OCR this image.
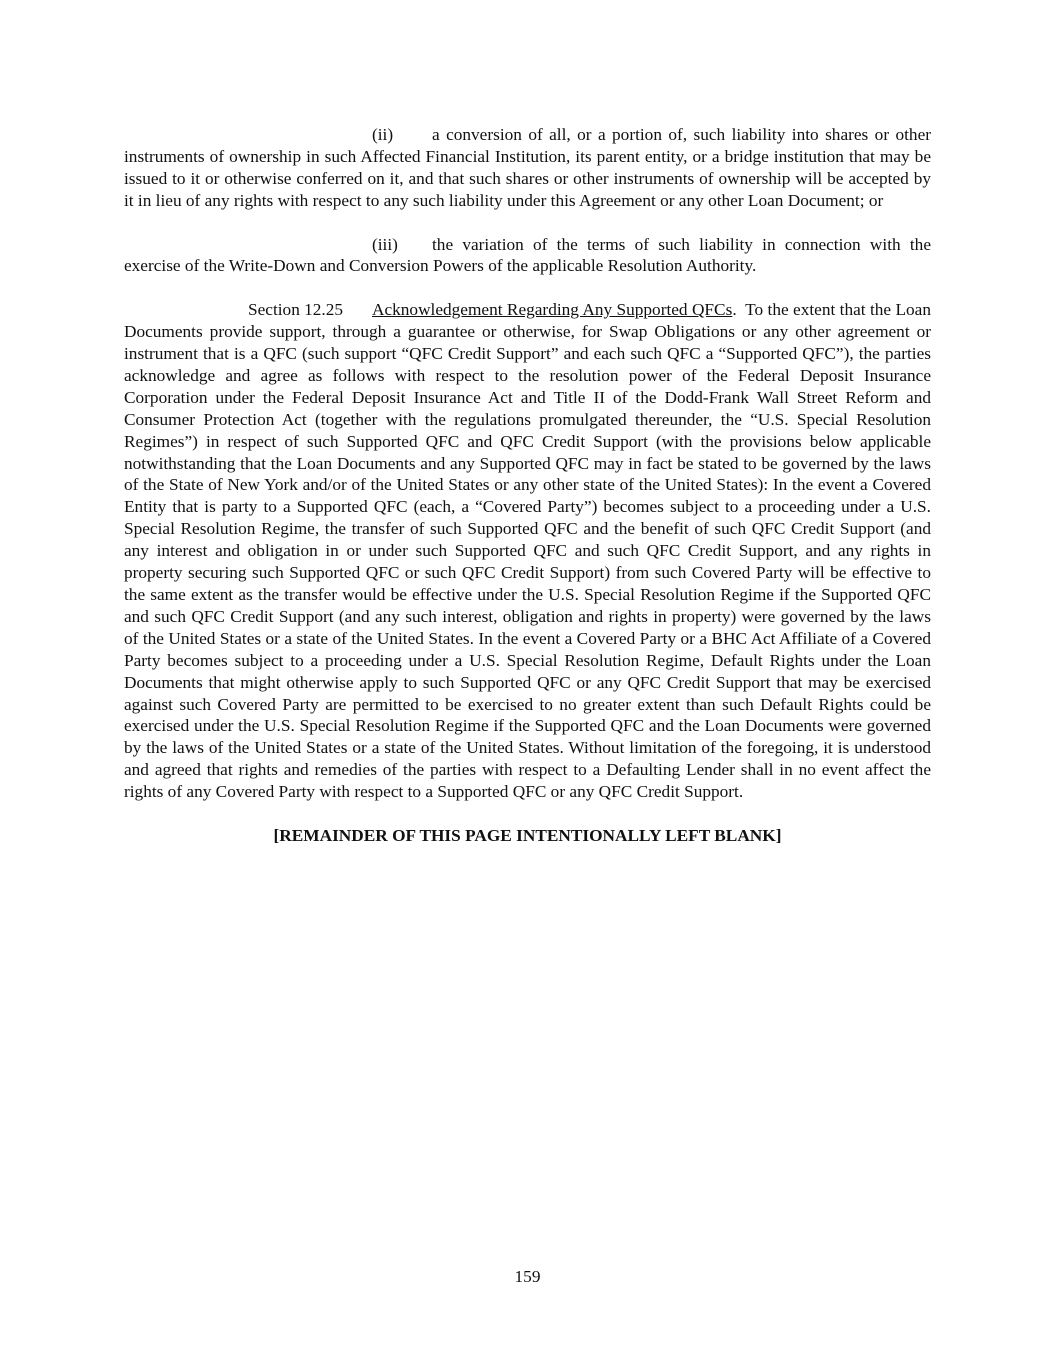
(ii) a conversion of all, or a portion of, such liability into shares or other instruments of ownership in such Affected Financial Institution, its parent entity, or a bridge institution that may be issued to it or otherwise conferred on it, and that such shares or other instruments of ownership will be accepted by it in lieu of any rights with respect to any such liability under this Agreement or any other Loan Document; or

(iii) the variation of the terms of such liability in connection with the exercise of the Write-Down and Conversion Powers of the applicable Resolution Authority.

Section 12.25 Acknowledgement Regarding Any Supported QFCs. To the extent that the Loan Documents provide support, through a guarantee or otherwise, for Swap Obligations or any other agreement or instrument that is a QFC (such support “QFC Credit Support” and each such QFC a “Supported QFC”), the parties acknowledge and agree as follows with respect to the resolution power of the Federal Deposit Insurance Corporation under the Federal Deposit Insurance Act and Title II of the Dodd-Frank Wall Street Reform and Consumer Protection Act (together with the regulations promulgated thereunder, the “U.S. Special Resolution Regimes”) in respect of such Supported QFC and QFC Credit Support (with the provisions below applicable notwithstanding that the Loan Documents and any Supported QFC may in fact be stated to be governed by the laws of the State of New York and/or of the United States or any other state of the United States): In the event a Covered Entity that is party to a Supported QFC (each, a “Covered Party”) becomes subject to a proceeding under a U.S. Special Resolution Regime, the transfer of such Supported QFC and the benefit of such QFC Credit Support (and any interest and obligation in or under such Supported QFC and such QFC Credit Support, and any rights in property securing such Supported QFC or such QFC Credit Support) from such Covered Party will be effective to the same extent as the transfer would be effective under the U.S. Special Resolution Regime if the Supported QFC and such QFC Credit Support (and any such interest, obligation and rights in property) were governed by the laws of the United States or a state of the United States. In the event a Covered Party or a BHC Act Affiliate of a Covered Party becomes subject to a proceeding under a U.S. Special Resolution Regime, Default Rights under the Loan Documents that might otherwise apply to such Supported QFC or any QFC Credit Support that may be exercised against such Covered Party are permitted to be exercised to no greater extent than such Default Rights could be exercised under the U.S. Special Resolution Regime if the Supported QFC and the Loan Documents were governed by the laws of the United States or a state of the United States. Without limitation of the foregoing, it is understood and agreed that rights and remedies of the parties with respect to a Defaulting Lender shall in no event affect the rights of any Covered Party with respect to a Supported QFC or any QFC Credit Support.

[REMAINDER OF THIS PAGE INTENTIONALLY LEFT BLANK]

159
